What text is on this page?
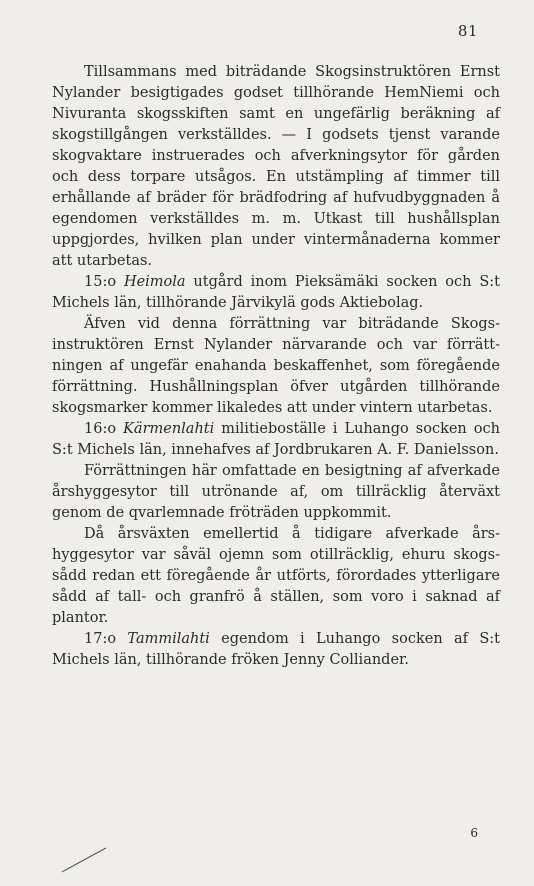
81

Tillsammans med biträdande Skogsinstruktören Ernst Nylander besigtigades godset tillhörande HemNiemi och Nivuranta skogsskiften samt en ungefärlig beräkning af skogstillgången verkställdes. — I godsets tjenst varande skogvaktare instruerades och afverkningsytor för gården och dess torpare utsågos. En utstämpling af timmer till erhållande af bräder för brädfodring af hufvudbyggnaden å egendomen verkställdes m. m. Utkast till hushållsplan uppgjordes, hvilken plan under vintermånaderna kommer att utarbetas.

15:o Heimola utgård inom Pieksämäki socken och S:t Michels län, tillhörande Järvikylä gods Aktiebolag.

Äfven vid denna förrättning var biträdande Skogsinstruktören Ernst Nylander närvarande och var förrättningen af ungefär enahanda beskaffenhet, som föregående förrättning. Hushållningsplan öfver utgården tillhörande skogsmarker kommer likaledes att under vintern utarbetas.

16:o Kärmenlahti militieboställe i Luhango socken och S:t Michels län, innehafves af Jordbrukaren A. F. Danielsson.

Förrättningen här omfattade en besigtning af afverkade årshyggesytor till utrönande af, om tillräcklig återväxt genom de qvarlemnade fröträden uppkommit.

Då årsväxten emellertid å tidigare afverkade årshyggesytor var såväl ojemn som otillräcklig, ehuru skogssådd redan ett föregående år utförts, förordades ytterligare sådd af tall- och granfrö å ställen, som voro i saknad af plantor.

17:o Tammilahti egendom i Luhango socken af S:t Michels län, tillhörande fröken Jenny Colliander.

6
